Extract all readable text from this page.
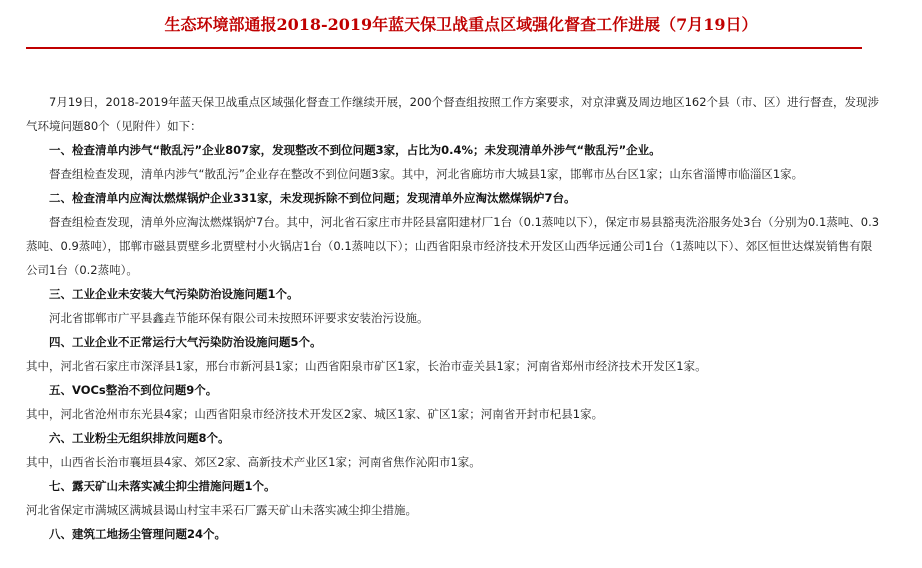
生态环境部通报2018-2019年蓝天保卫战重点区域强化督查工作进展（7月19日）

7月19日，2018-2019年蓝天保卫战重点区域强化督查工作继续开展，200个督查组按照工作方案要求，对京津冀及周边地区162个县（市、区）进行督查，发现涉气环境问题80个（见附件）如下：

一、检查清单内涉气“散乱污”企业807家，发现整改不到位问题3家，占比为0.4%；未发现清单外涉气“散乱污”企业。

督查组检查发现，清单内涉气“散乱污”企业存在整改不到位问题3家。其中，河北省廊坊市大城县1家，邯郸市丛台区1家；山东省淄博市临淄区1家。

二、检查清单内应淘汰燃煤锅炉企业331家，未发现拆除不到位问题；发现清单外应淘汰燃煤锅炉7台。

督查组检查发现，清单外应淘汰燃煤锅炉7台。其中，河北省石家庄市井陉县富阳建材厂1台（0.1蒸吨以下），保定市易县豁夷洗浴服务处3台（分别为0.1蒸吨、0.3蒸吨、0.9蒸吨），邯郸市磁县贾壁乡北贾壁村小火锅店1台（0.1蒸吨以下）；山西省阳泉市经济技术开发区山西华远通公司1台（1蒸吨以下）、郊区恒世达煤炭销售有限公司1台（0.2蒸吨）。

三、工业企业未安装大气污染防治设施问题1个。

河北省邯郸市广平县鑫垚节能环保有限公司未按照环评要求安装治污设施。

四、工业企业不正常运行大气污染防治设施问题5个。

其中，河北省石家庄市深泽县1家，邢台市新河县1家；山西省阳泉市矿区1家，长治市壶关县1家；河南省郑州市经济技术开发区1家。

五、VOCs整治不到位问题9个。

其中，河北省沧州市东光县4家；山西省阳泉市经济技术开发区2家、城区1家、矿区1家；河南省开封市杞县1家。

六、工业粉尘无组织排放问题8个。

其中，山西省长治市襄垣县4家、郊区2家、高新技术产业区1家；河南省焦作沁阳市1家。

七、露天矿山未落实减尘抑尘措施问题1个。

河北省保定市满城区满城县谒山村宝丰采石厂露天矿山未落实减尘抑尘措施。

八、建筑工地扬尘管理问题24个。
